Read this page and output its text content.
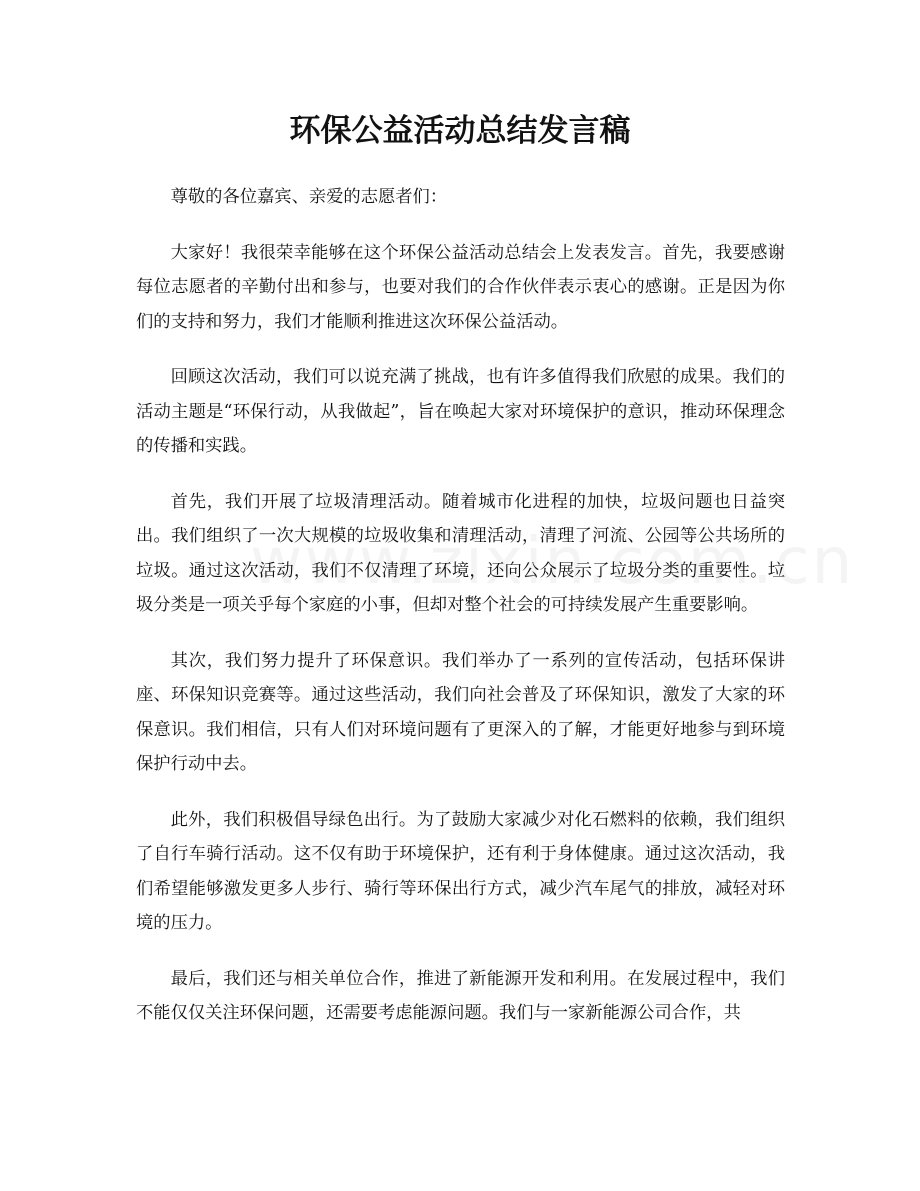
环保公益活动总结发言稿

尊敬的各位嘉宾、亲爱的志愿者们：

大家好！我很荣幸能够在这个环保公益活动总结会上发表发言。首先，我要感谢每位志愿者的辛勤付出和参与，也要对我们的合作伙伴表示衷心的感谢。正是因为你们的支持和努力，我们才能顺利推进这次环保公益活动。

回顾这次活动，我们可以说充满了挑战，也有许多值得我们欣慰的成果。我们的活动主题是“环保行动，从我做起”，旨在唤起大家对环境保护的意识，推动环保理念的传播和实践。

首先，我们开展了垃圾清理活动。随着城市化进程的加快，垃圾问题也日益突出。我们组织了一次大规模的垃圾收集和清理活动，清理了河流、公园等公共场所的垃圾。通过这次活动，我们不仅清理了环境，还向公众展示了垃圾分类的重要性。垃圾分类是一项关乎每个家庭的小事，但却对整个社会的可持续发展产生重要影响。

其次，我们努力提升了环保意识。我们举办了一系列的宣传活动，包括环保讲座、环保知识竞赛等。通过这些活动，我们向社会普及了环保知识，激发了大家的环保意识。我们相信，只有人们对环境问题有了更深入的了解，才能更好地参与到环境保护行动中去。

此外，我们积极倡导绿色出行。为了鼓励大家减少对化石燃料的依赖，我们组织了自行车骑行活动。这不仅有助于环境保护，还有利于身体健康。通过这次活动，我们希望能够激发更多人步行、骑行等环保出行方式，减少汽车尾气的排放，减轻对环境的压力。

最后，我们还与相关单位合作，推进了新能源开发和利用。在发展过程中，我们不能仅仅关注环保问题，还需要考虑能源问题。我们与一家新能源公司合作，共
